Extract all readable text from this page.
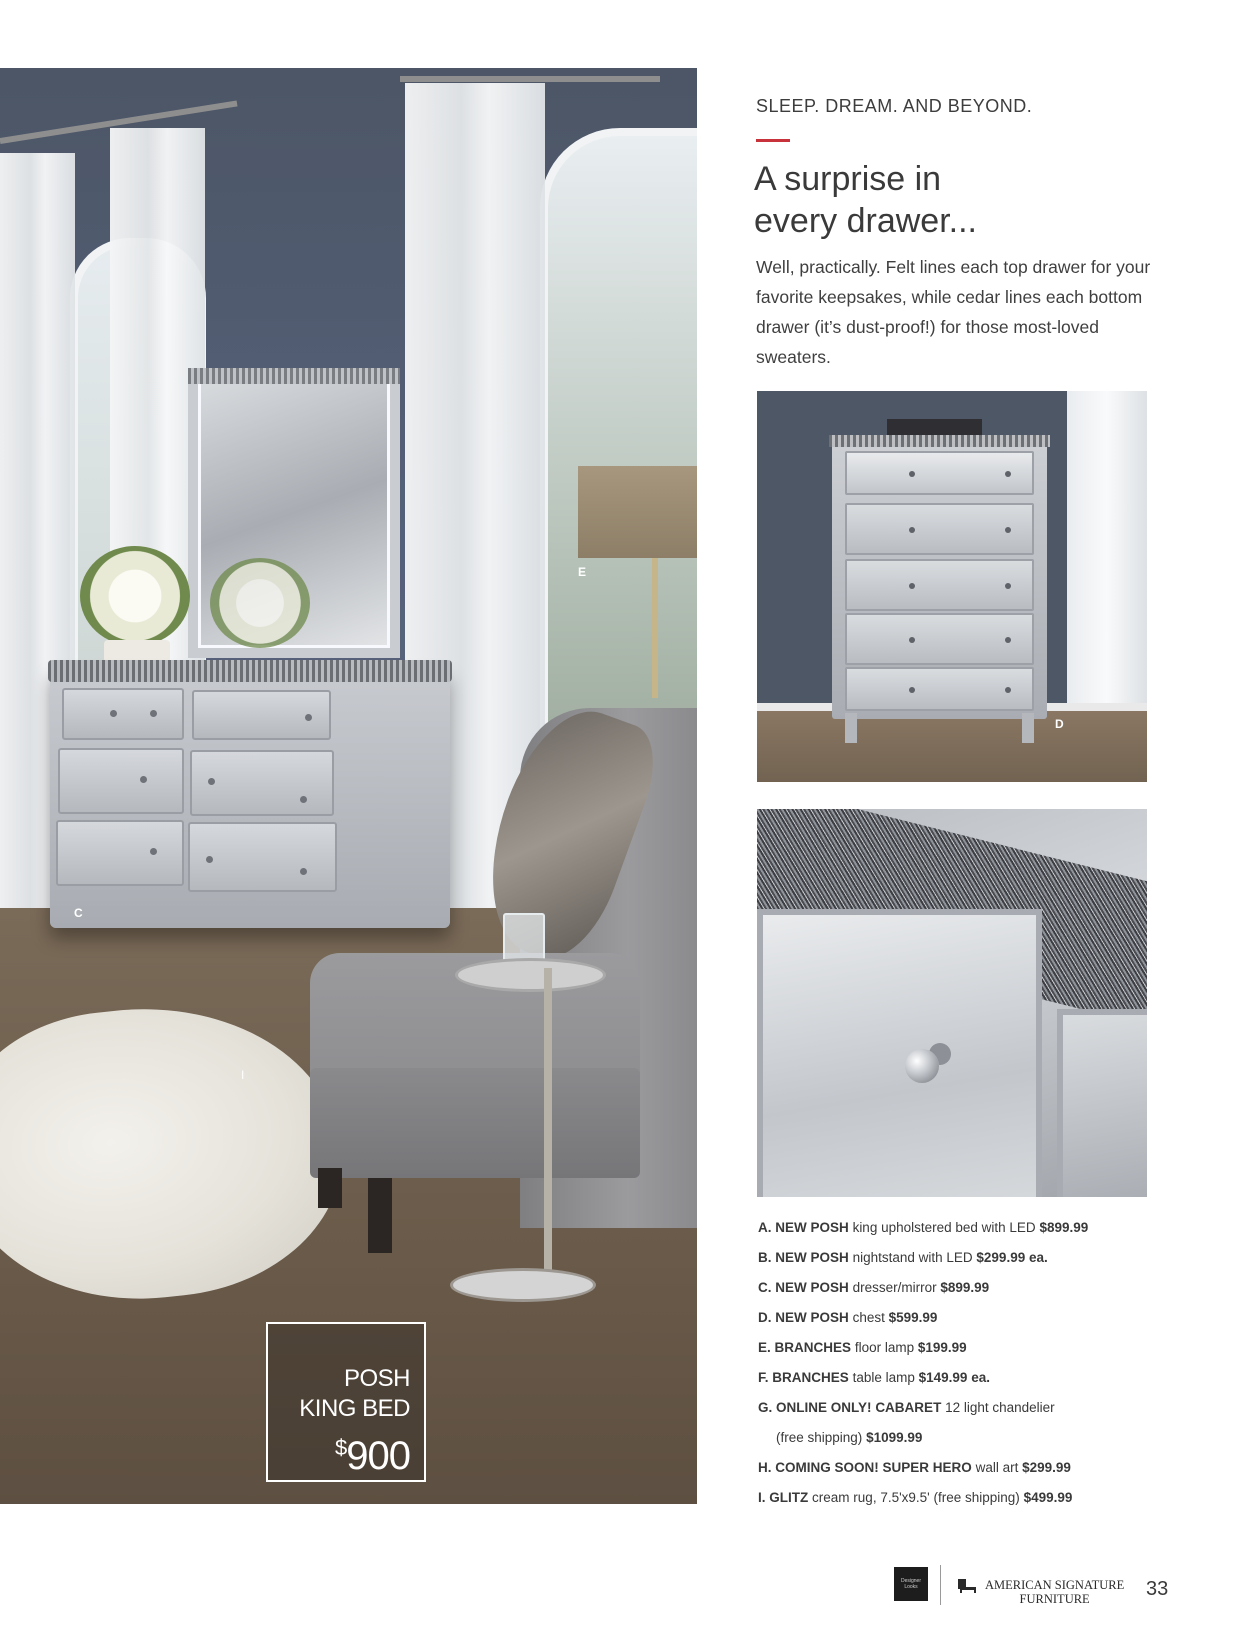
E
C
I
POSH
KING BED
$900
SLEEP. DREAM. AND BEYOND.
A surprise in
every drawer...

Well, practically. Felt lines each top drawer for your favorite keepsakes, while cedar lines each bottom drawer (it’s dust-proof!) for those most-loved sweaters.

D
A. NEW POSH king upholstered bed with LED $899.99
B. NEW POSH nightstand with LED $299.99 ea.
C. NEW POSH dresser/mirror $899.99
D. NEW POSH chest $599.99
E. BRANCHES floor lamp $199.99
F. BRANCHES table lamp $149.99 ea.
G. ONLINE ONLY! CABARET 12 light chandelier
(free shipping) $1099.99
H. COMING SOON! SUPER HERO wall art $299.99
I. GLITZ cream rug, 7.5'x9.5' (free shipping) $499.99
Designer Looks	AMERICAN SIGNATURE
FURNITURE	33
